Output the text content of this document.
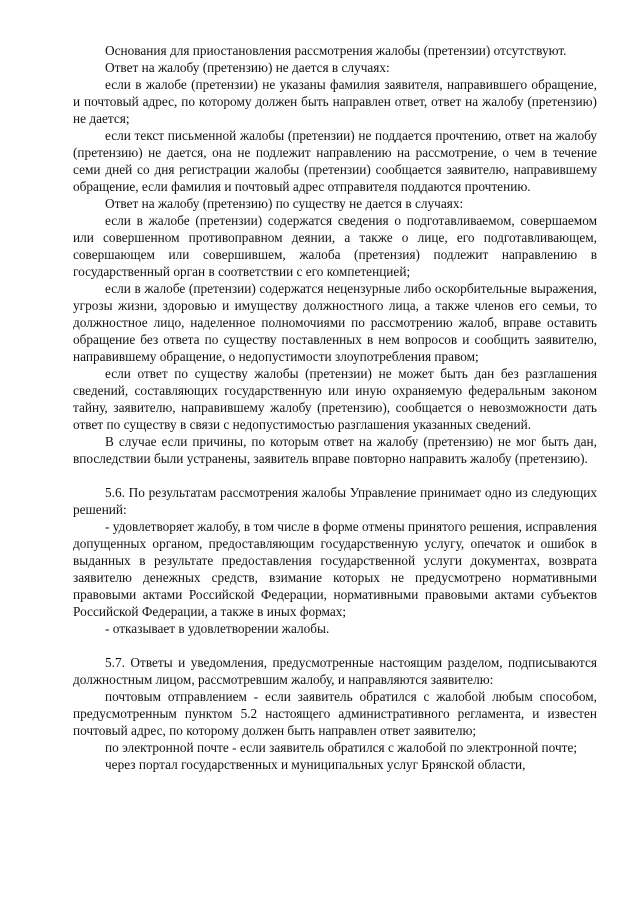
Основания для приостановления рассмотрения жалобы (претензии) отсутствуют.

Ответ на жалобу (претензию) не дается в случаях:

если в жалобе (претензии) не указаны фамилия заявителя, направившего обращение, и почтовый адрес, по которому должен быть направлен ответ, ответ на жалобу (претензию) не дается;

если текст письменной жалобы (претензии) не поддается прочтению, ответ на жалобу (претензию) не дается, она не подлежит направлению на рассмотрение, о чем в течение семи дней со дня регистрации жалобы (претензии) сообщается заявителю, направившему обращение, если фамилия и почтовый адрес отправителя поддаются прочтению.

Ответ на жалобу (претензию) по существу не дается в случаях:

если в жалобе (претензии) содержатся сведения о подготавливаемом, совершаемом или совершенном противоправном деянии, а также о лице, его подготавливающем, совершающем или совершившем, жалоба (претензия) подлежит направлению в государственный орган в соответствии с его компетенцией;

если в жалобе (претензии) содержатся нецензурные либо оскорбительные выражения, угрозы жизни, здоровью и имуществу должностного лица, а также членов его семьи, то должностное лицо, наделенное полномочиями по рассмотрению жалоб, вправе оставить обращение без ответа по существу поставленных в нем вопросов и сообщить заявителю, направившему обращение, о недопустимости злоупотребления правом;

если ответ по существу жалобы (претензии) не может быть дан без разглашения сведений, составляющих государственную или иную охраняемую федеральным законом тайну, заявителю, направившему жалобу (претензию), сообщается о невозможности дать ответ по существу в связи с недопустимостью разглашения указанных сведений.

В случае если причины, по которым ответ на жалобу (претензию) не мог быть дан, впоследствии были устранены, заявитель вправе повторно направить жалобу (претензию).

5.6. По результатам рассмотрения жалобы Управление принимает одно из следующих решений:

- удовлетворяет жалобу, в том числе в форме отмены принятого решения, исправления допущенных органом, предоставляющим государственную услугу, опечаток и ошибок в выданных в результате предоставления государственной услуги документах, возврата заявителю денежных средств, взимание которых не предусмотрено нормативными правовыми актами Российской Федерации, нормативными правовыми актами субъектов Российской Федерации, а также в иных формах;

- отказывает в удовлетворении жалобы.

5.7. Ответы и уведомления, предусмотренные настоящим разделом, подписываются должностным лицом, рассмотревшим жалобу, и направляются заявителю:

почтовым отправлением - если заявитель обратился с жалобой любым способом, предусмотренным пунктом 5.2 настоящего административного регламента, и известен почтовый адрес, по которому должен быть направлен ответ заявителю;

по электронной почте - если заявитель обратился с жалобой по электронной почте;

через портал государственных и муниципальных услуг Брянской области,
